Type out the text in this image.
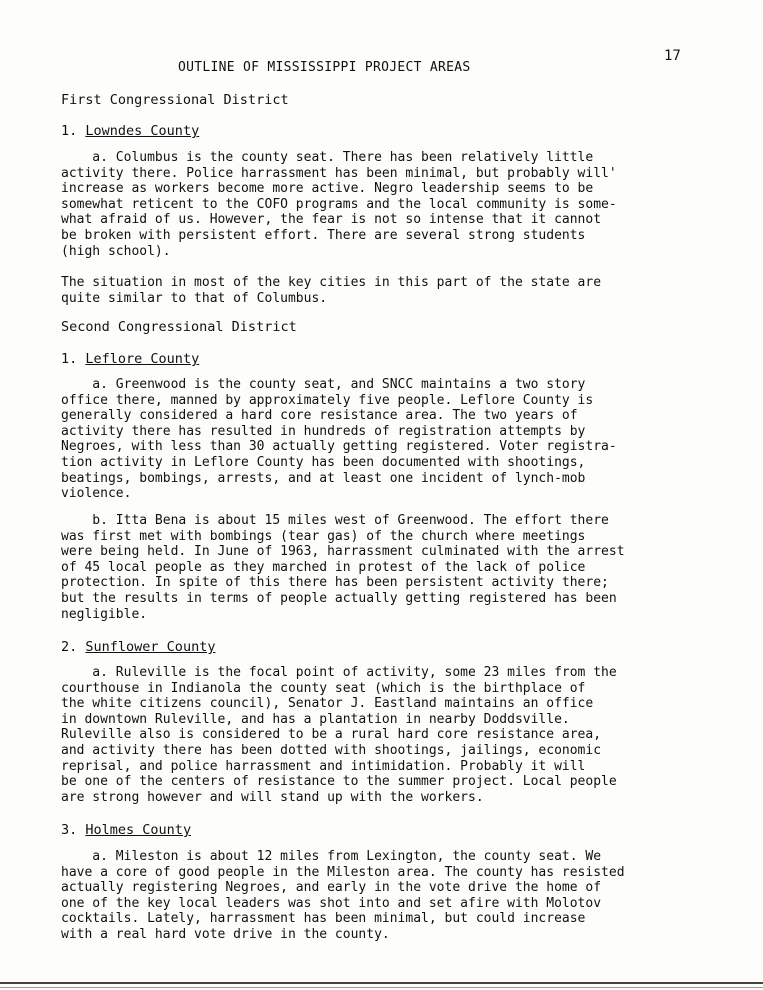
17
OUTLINE OF MISSISSIPPI PROJECT AREAS
First Congressional District
1. Lowndes County
a. Columbus is the county seat. There has been relatively little
activity there. Police harrassment has been minimal, but probably will'
increase as workers become more active. Negro leadership seems to be
somewhat reticent to the COFO programs and the local community is some-
what afraid of us. However, the fear is not so intense that it cannot
be broken with persistent effort. There are several strong students
(high school).
The situation in most of the key cities in this part of the state are
quite similar to that of Columbus.
Second Congressional District
1. Leflore County
a. Greenwood is the county seat, and SNCC maintains a two story
office there, manned by approximately five people. Leflore County is
generally considered a hard core resistance area. The two years of
activity there has resulted in hundreds of registration attempts by
Negroes, with less than 30 actually getting registered. Voter registra-
tion activity in Leflore County has been documented with shootings,
beatings, bombings, arrests, and at least one incident of lynch-mob
violence.
b. Itta Bena is about 15 miles west of Greenwood. The effort there
was first met with bombings (tear gas) of the church where meetings
were being held. In June of 1963, harrassment culminated with the arrest
of 45 local people as they marched in protest of the lack of police
protection. In spite of this there has been persistent activity there;
but the results in terms of people actually getting registered has been
negligible.
2. Sunflower County
a. Ruleville is the focal point of activity, some 23 miles from the
courthouse in Indianola the county seat (which is the birthplace of
the white citizens council), Senator J. Eastland maintains an office
in downtown Ruleville, and has a plantation in nearby Doddsville.
Ruleville also is considered to be a rural hard core resistance area,
and activity there has been dotted with shootings, jailings, economic
reprisal, and police harrassment and intimidation. Probably it will
be one of the centers of resistance to the summer project. Local people
are strong however and will stand up with the workers.
3. Holmes County
a. Mileston is about 12 miles from Lexington, the county seat. We
have a core of good people in the Mileston area. The county has resisted
actually registering Negroes, and early in the vote drive the home of
one of the key local leaders was shot into and set afire with Molotov
cocktails. Lately, harrassment has been minimal, but could increase
with a real hard vote drive in the county.
